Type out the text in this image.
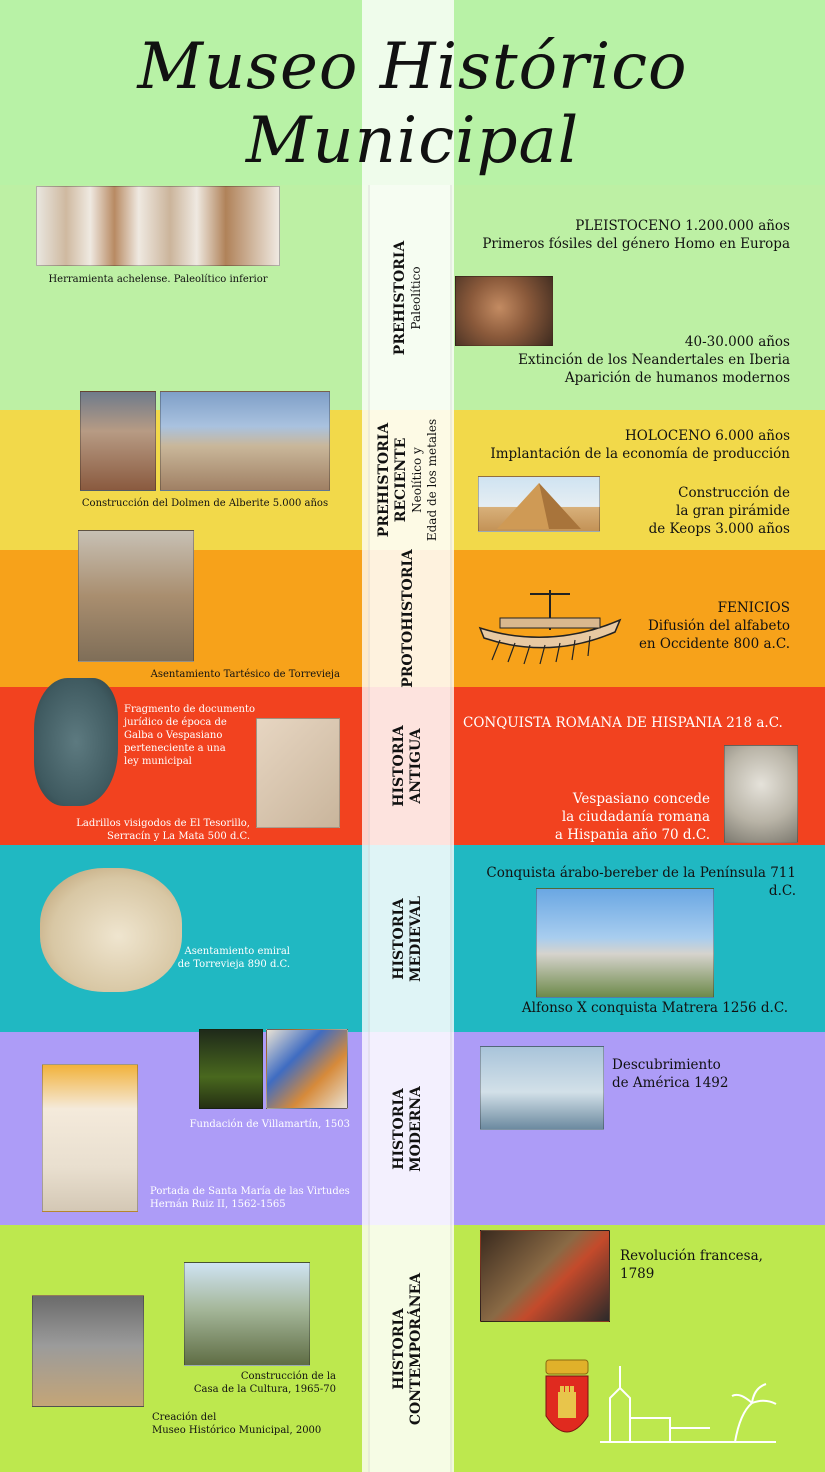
Museo Histórico Municipal
PREHISTORIA Paleolítico
PREHISTORIA RECIENTE Neolítico y Edad de los metales
PROTOHISTORIA
HISTORIA ANTIGUA
HISTORIA MEDIEVAL
HISTORIA MODERNA
HISTORIA CONTEMPORÁNEA
Herramienta achelense. Paleolítico inferior
PLEISTOCENO 1.200.000 años
Primeros fósiles del género Homo en Europa
40-30.000 años
Extinción de los Neandertales en Iberia
Aparición de humanos modernos
Construcción del Dolmen de Alberite 5.000 años
HOLOCENO 6.000 años
Implantación de la economía de producción
Construcción de
la gran pirámide
de Keops 3.000 años
Asentamiento Tartésico de Torrevieja
FENICIOS
Difusión del alfabeto
en Occidente 800 a.C.
Fragmento de documento
jurídico de época de
Galba o Vespasiano
perteneciente a una
ley municipal
Ladrillos visigodos de El Tesorillo,
Serracín y La Mata 500 d.C.
CONQUISTA ROMANA DE HISPANIA 218 a.C.
Vespasiano concede
la ciudadanía romana
a Hispania año 70 d.C.
Asentamiento emiral
de Torrevieja 890 d.C.
Conquista árabo-bereber de la Península 711 d.C.
Alfonso X conquista Matrera 1256 d.C.
Fundación de Villamartín, 1503
Portada de Santa María de las Virtudes
Hernán Ruiz II, 1562-1565
Descubrimiento
de América 1492
Revolución francesa, 1789
Construcción de la
Casa de la Cultura, 1965-70
Creación del
Museo Histórico Municipal, 2000
